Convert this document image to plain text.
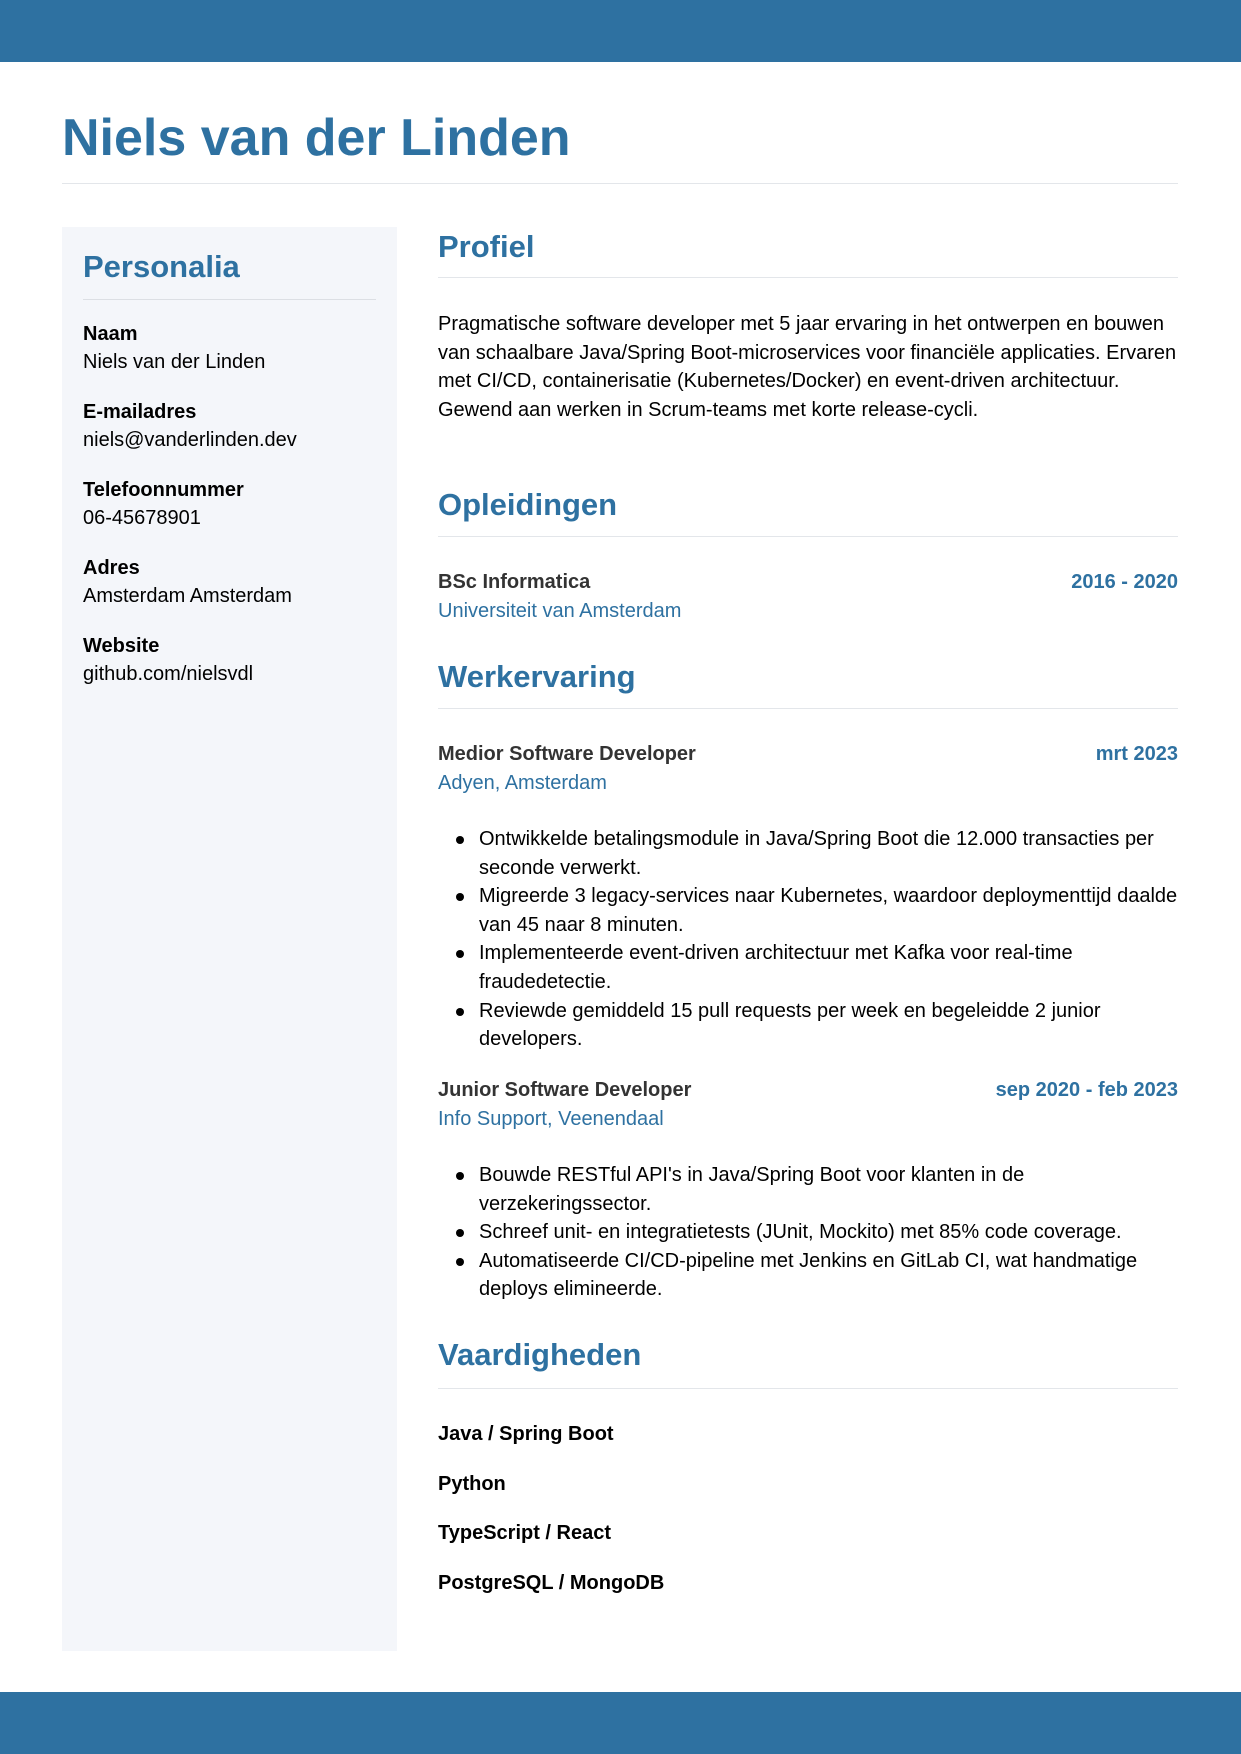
Niels van der Linden
Personalia
Naam
Niels van der Linden
E-mailadres
niels@vanderlinden.dev
Telefoonnummer
06-45678901
Adres
Amsterdam Amsterdam
Website
github.com/nielsvdl
Profiel

Pragmatische software developer met 5 jaar ervaring in het ontwerpen en bouwen van schaalbare Java/Spring Boot-microservices voor financiële applicaties. Ervaren met CI/CD, containerisatie (Kubernetes/Docker) en event-driven architectuur. Gewend aan werken in Scrum-teams met korte release-cycli.

Opleidingen
BSc Informatica	2016 - 2020
Universiteit van Amsterdam
Werkervaring
Medior Software Developer	mrt 2023
Adyen, Amsterdam
Ontwikkelde betalingsmodule in Java/Spring Boot die 12.000 transacties per seconde verwerkt.
Migreerde 3 legacy-services naar Kubernetes, waardoor deploymenttijd daalde van 45 naar 8 minuten.
Implementeerde event-driven architectuur met Kafka voor real-time fraudedetectie.
Reviewde gemiddeld 15 pull requests per week en begeleidde 2 junior developers.
Junior Software Developer	sep 2020 - feb 2023
Info Support, Veenendaal
Bouwde RESTful API's in Java/Spring Boot voor klanten in de verzekeringssector.
Schreef unit- en integratietests (JUnit, Mockito) met 85% code coverage.
Automatiseerde CI/CD-pipeline met Jenkins en GitLab CI, wat handmatige deploys elimineerde.
Vaardigheden
Java / Spring Boot
Python
TypeScript / React
PostgreSQL / MongoDB
